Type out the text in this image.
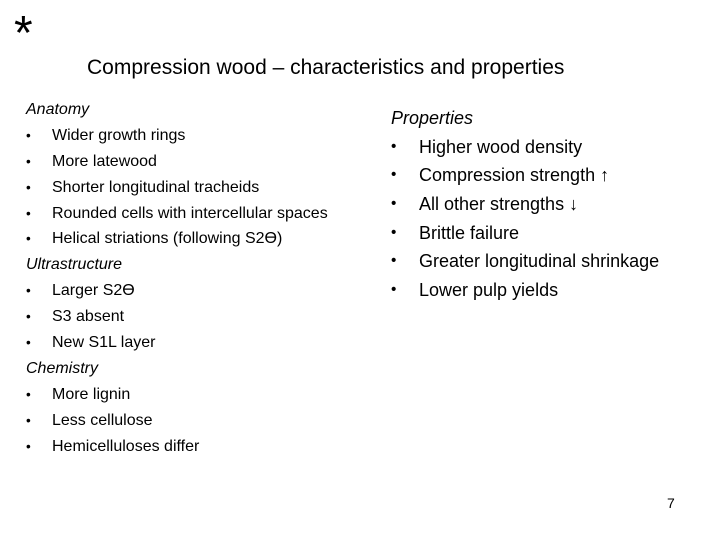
*
Compression wood – characteristics and properties
Anatomy
•	Wider growth rings
•	More latewood
•	Shorter longitudinal tracheids
•	Rounded cells with intercellular spaces
•	Helical striations (following S2Ɵ)
Ultrastructure
•	Larger S2Ɵ
•	S3 absent
•	New S1L layer
Chemistry
•	More lignin
•	Less cellulose
•	Hemicelluloses differ
Properties
•	Higher wood density
•	Compression strength ↑
•	All other strengths ↓
•	Brittle failure
•	Greater longitudinal shrinkage
•	Lower pulp yields
7
